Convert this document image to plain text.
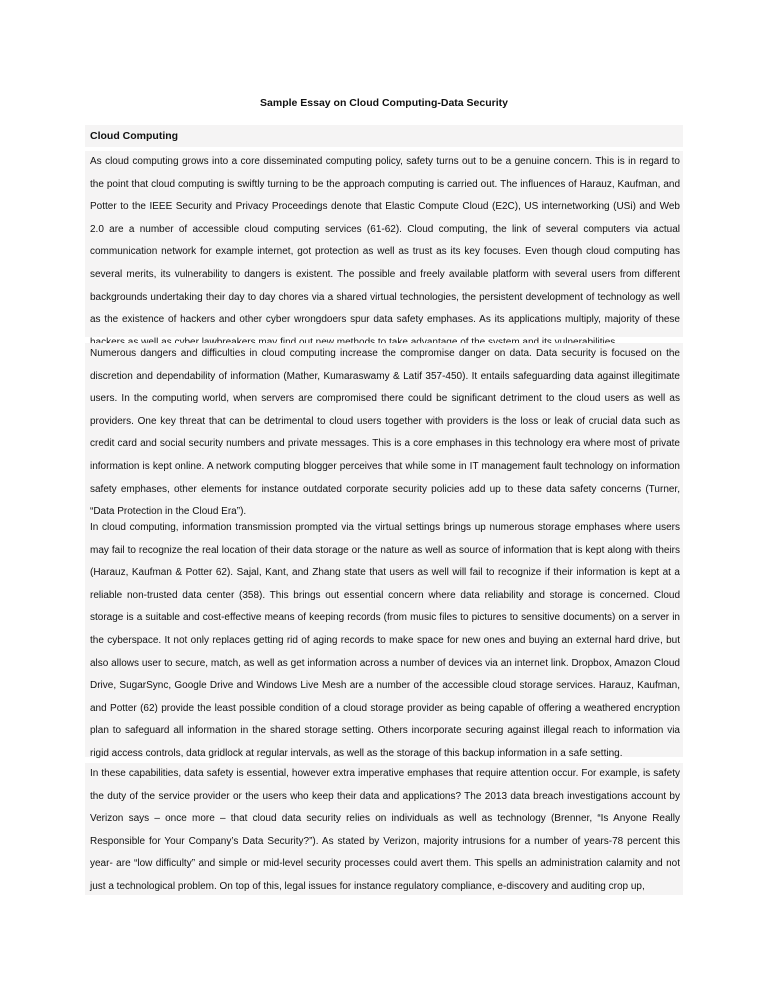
Sample Essay on Cloud Computing-Data Security
Cloud Computing
As cloud computing grows into a core disseminated computing policy, safety turns out to be a genuine concern. This is in regard to the point that cloud computing is swiftly turning to be the approach computing is carried out. The influences of Harauz, Kaufman, and Potter to the IEEE Security and Privacy Proceedings denote that Elastic Compute Cloud (E2C), US internetworking (USi) and Web 2.0 are a number of accessible cloud computing services (61-62). Cloud computing, the link of several computers via actual communication network for example internet, got protection as well as trust as its key focuses. Even though cloud computing has several merits, its vulnerability to dangers is existent. The possible and freely available platform with several users from different backgrounds undertaking their day to day chores via a shared virtual technologies, the persistent development of technology as well as the existence of hackers and other cyber wrongdoers spur data safety emphases. As its applications multiply, majority of these
Numerous dangers and difficulties in cloud computing increase the compromise danger on data. Data security is focused on the discretion and dependability of information (Mather, Kumaraswamy & Latif 357-450). It entails safeguarding data against illegitimate users. In the computing world, when servers are compromised there could be significant detriment to the cloud users as well as providers. One key threat that can be detrimental to cloud users together with providers is the loss or leak of crucial data such as credit card and social security numbers and private messages. This is a core emphases in this technology era where most of private information is kept online. A network computing blogger perceives that while some in IT management fault technology on information safety emphases, other elements for instance outdated corporate security policies add up to these data safety concerns (Turner, “Data Protection in the Cloud Era”).
In cloud computing, information transmission prompted via the virtual settings brings up numerous storage emphases where users may fail to recognize the real location of their data storage or the nature as well as source of information that is kept along with theirs (Harauz, Kaufman & Potter 62). Sajal, Kant, and Zhang state that users as well will fail to recognize if their information is kept at a reliable non-trusted data center (358). This brings out essential concern where data reliability and storage is concerned. Cloud storage is a suitable and cost-effective means of keeping records (from music files to pictures to sensitive documents) on a server in the cyberspace. It not only replaces getting rid of aging records to make space for new ones and buying an external hard drive, but also allows user to secure, match, as well as get information across a number of devices via an internet link. Dropbox, Amazon Cloud Drive, SugarSync, Google Drive and Windows Live Mesh are a number of the accessible cloud storage services. Harauz, Kaufman, and Potter (62) provide the least possible condition of a cloud storage provider as being capable of offering a weathered encryption plan to safeguard all information in the shared storage setting. Others incorporate securing against illegal reach to information via rigid access controls, data gridlock at regular intervals, as well as the storage of this backup information in a safe setting.
In these capabilities, data safety is essential, however extra imperative emphases that require attention occur. For example, is safety the duty of the service provider or the users who keep their data and applications? The 2013 data breach investigations account by Verizon says – once more – that cloud data security relies on individuals as well as technology (Brenner, “Is Anyone Really Responsible for Your Company’s Data Security?”). As stated by Verizon, majority intrusions for a number of years-78 percent this year- are “low difficulty” and simple or mid-level security processes could avert them. This spells an administration calamity and not just a technological problem. On top of this, legal issues for instance regulatory compliance, e-discovery and auditing crop up,
